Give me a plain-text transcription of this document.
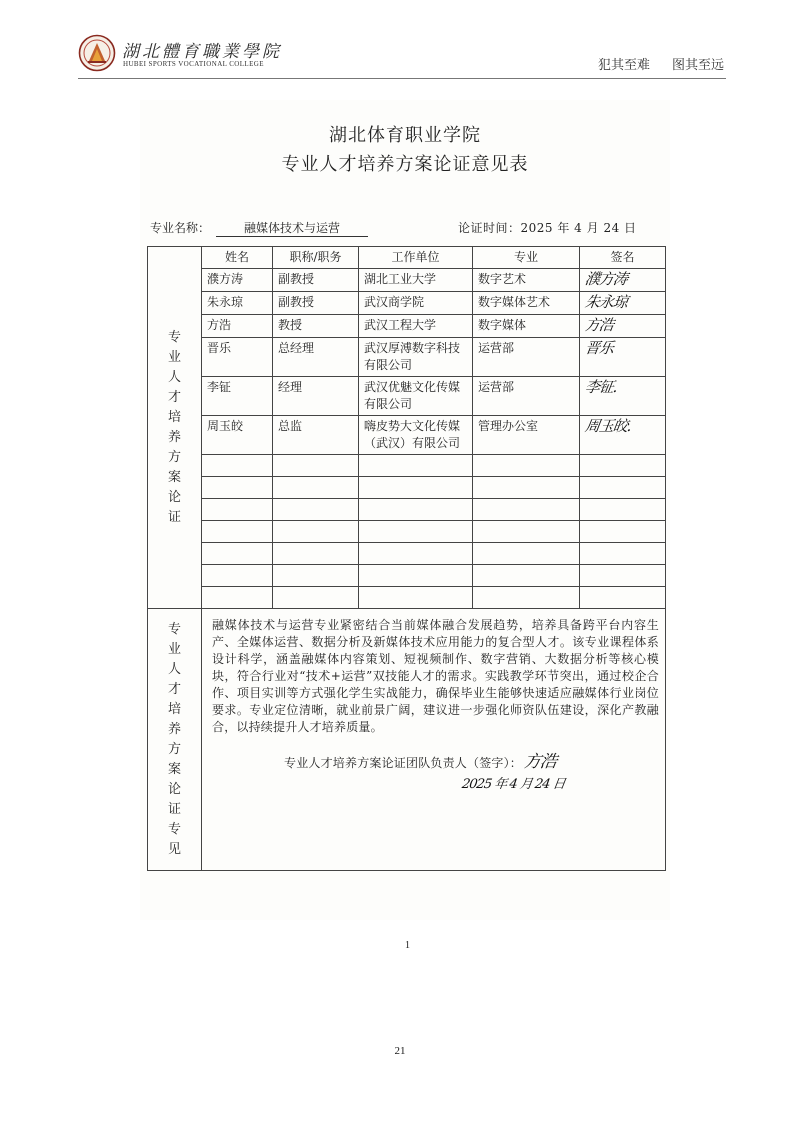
湖北體育職業學院
HUBEI SPORTS VOCATIONAL COLLEGE	犯其至难 图其至远
湖北体育职业学院
专业人才培养方案论证意见表
专业名称：	融媒体技术与运营	论证时间：2025 年 4 月 24 日
专业人才培养方案论证	姓名	职称/职务	工作单位	专业	签名
	濮方涛	副教授	湖北工业大学	数字艺术	濮方涛
	朱永琼	副教授	武汉商学院	数字媒体艺术	朱永琼
	方浩	教授	武汉工程大学	数字媒体	方浩
	晋乐	总经理	武汉厚溥数字科技有限公司	运营部	晋乐
	李钲	经理	武汉优魅文化传媒有限公司	运营部	李钲.
	周玉皎	总监	嗨皮势大文化传媒（武汉）有限公司	管理办公室	周玉皎.

专业人才培养方案论证专见	融媒体技术与运营专业紧密结合当前媒体融合发展趋势，培养具备跨平台内容生产、全媒体运营、数据分析及新媒体技术应用能力的复合型人才。该专业课程体系设计科学，涵盖融媒体内容策划、短视频制作、数字营销、大数据分析等核心模块，符合行业对“技术+运营”双技能人才的需求。实践教学环节突出，通过校企合作、项目实训等方式强化学生实战能力，确保毕业生能够快速适应融媒体行业岗位要求。专业定位清晰，就业前景广阔，建议进一步强化师资队伍建设，深化产教融合，以持续提升人才培养质量。
专业人才培养方案论证团队负责人（签字）：方浩
2025 年 4 月 24 日				
1
21
